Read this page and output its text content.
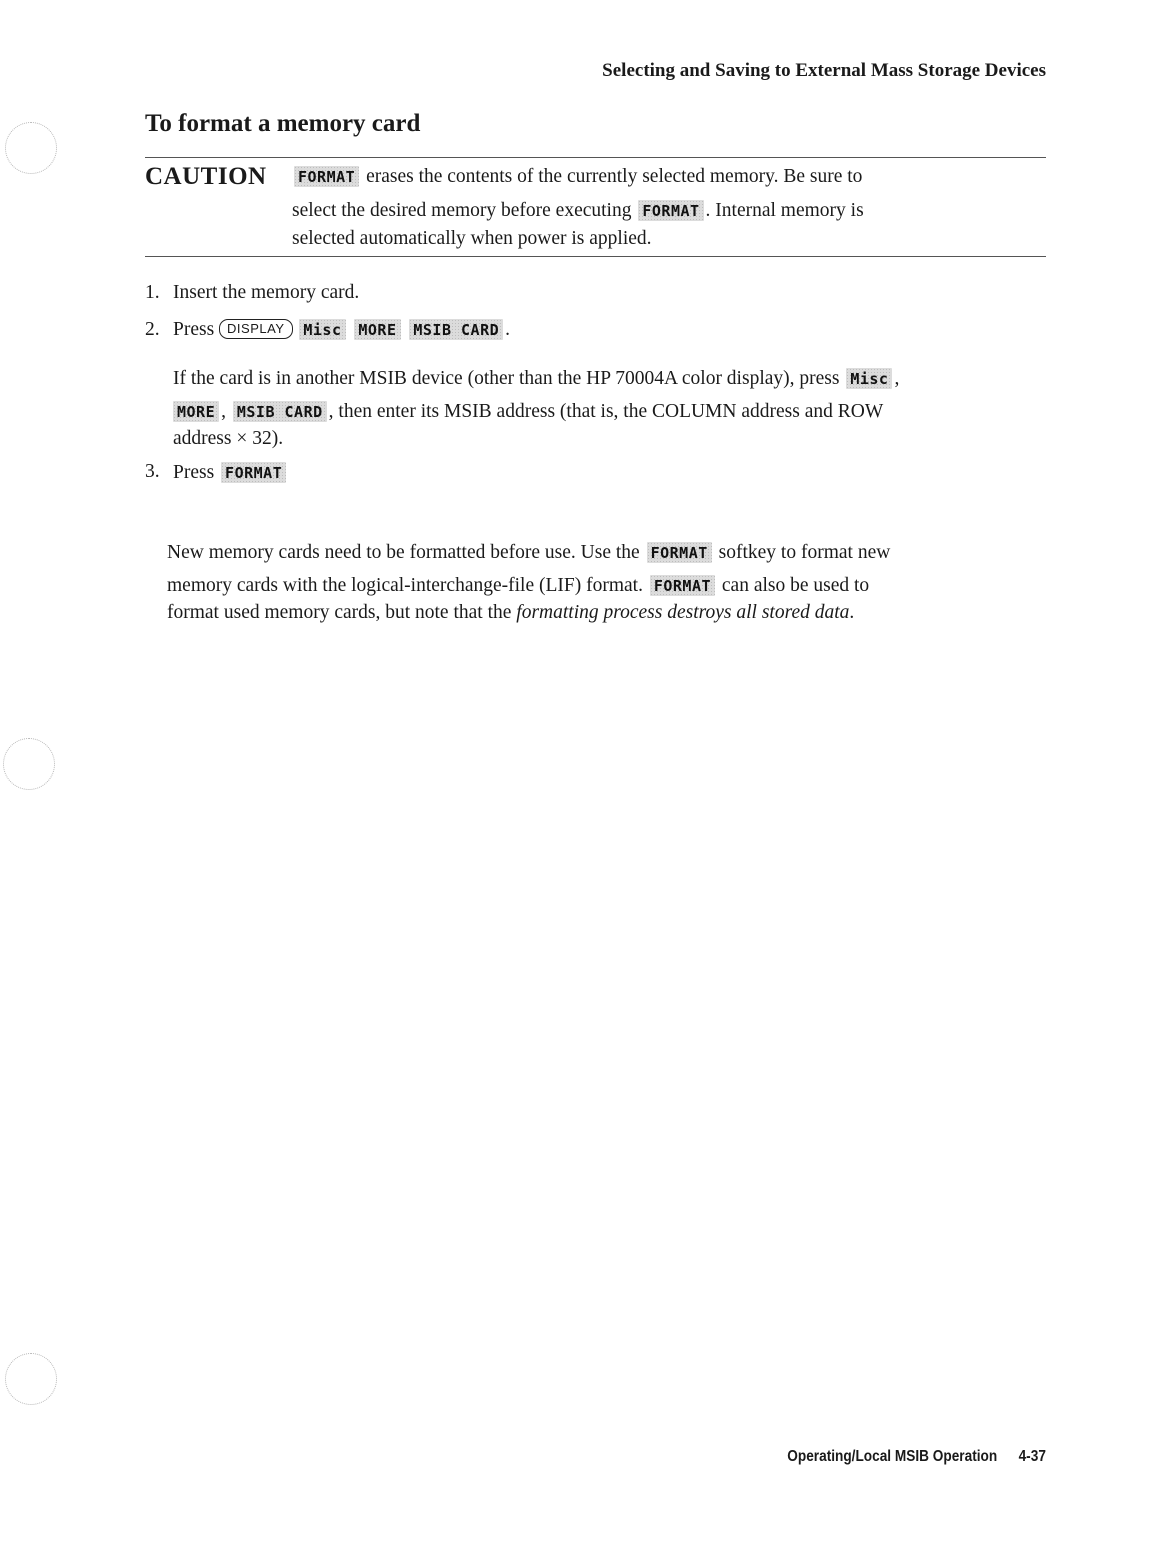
Selecting and Saving to External Mass Storage Devices
To format a memory card
CAUTION	FORMAT erases the contents of the currently selected memory. Be sure to
select the desired memory before executing FORMAT . Internal memory is
selected automatically when power is applied.
1. Insert the memory card.
2. Press DISPLAY Misc MORE MSIB CARD .
If the card is in another MSIB device (other than the HP 70004A color display), press Misc ,
MORE , MSIB CARD , then enter its MSIB address (that is, the COLUMN address and ROW
address × 32).
3. Press FORMAT
New memory cards need to be formatted before use. Use the FORMAT softkey to format new
memory cards with the logical-interchange-file (LIF) format. FORMAT can also be used to
format used memory cards, but note that the formatting process destroys all stored data.
Operating/Local MSIB Operation 4-37
